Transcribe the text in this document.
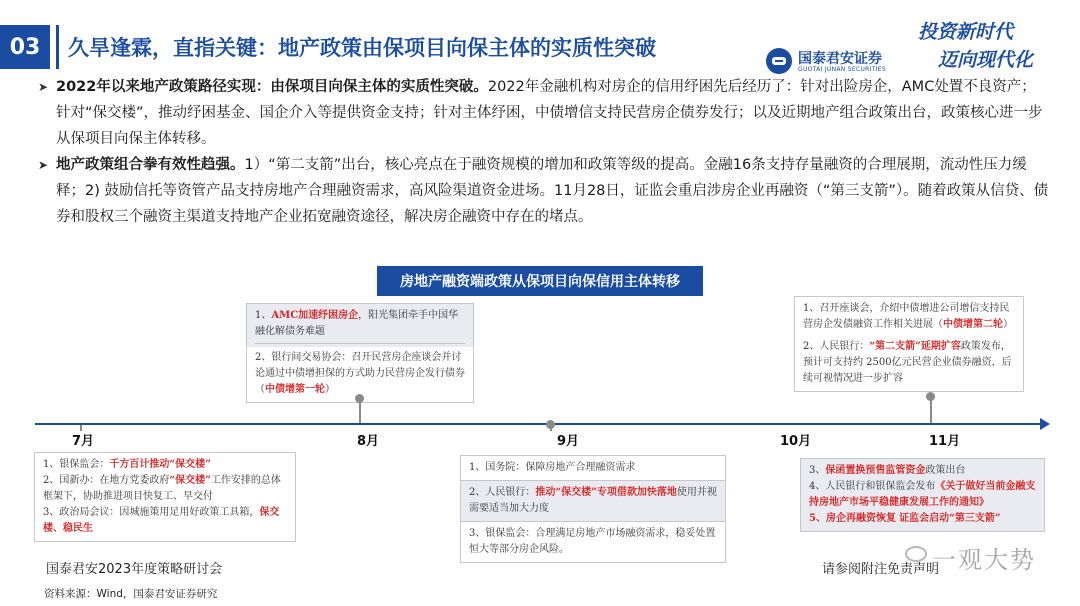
03	久旱逢霖，直指关键：地产政策由保项目向保主体的实质性突破	国泰君安证券
GUOTAI JUNAN SECURITIES
投资新时代
迈向现代化
➤ 2022年以来地产政策路径实现：由保项目向保主体的实质性突破。2022年金融机构对房企的信用纾困先后经历了：针对出险房企，AMC处置不良资产；针对“保交楼”，推动纾困基金、国企介入等提供资金支持；针对主体纾困，中债增信支持民营房企债券发行；以及近期地产组合政策出台，政策核心进一步从保项目向保主体转移。
➤ 地产政策组合拳有效性趋强。1）“第二支箭”出台，核心亮点在于融资规模的增加和政策等级的提高。金融16条支持存量融资的合理展期，流动性压力缓释；2) 鼓励信托等资管产品支持房地产合理融资需求，高风险渠道资金进场。11月28日，证监会重启涉房企业再融资（“第三支箭”）。随着政策从信贷、债券和股权三个融资主渠道支持地产企业拓宽融资途径，解决房企融资中存在的堵点。
房地产融资端政策从保项目向保信用主体转移
1、AMC加速纾困房企，阳光集团牵手中国华融化解债务难题
2、银行间交易协会：召开民营房企座谈会并讨论通过中债增担保的方式助力民营房企发行债券（中债增第一轮）
1、召开座谈会，介绍中债增进公司增信支持民营房企发债融资工作相关进展（中债增第二轮）
2、人民银行：“第二支箭”延期扩容政策发布，预计可支持约 2500亿元民营企业债券融资，后续可视情况进一步扩容
7月	8月	9月	10月	11月

1、银保监会：千方百计推动“保交楼”

2、国新办：在地方党委政府“保交楼”工作安排的总体框架下，协助推进项目快复工、早交付

3、政治局会议：因城施策用足用好政策工具箱，保交楼、稳民生

1、国务院：保障房地产合理融资需求
2、人民银行：推动“保交楼”专项借款加快落地使用并视需要适当加大力度
3、银保监会：合理满足房地产市场融资需求，稳妥处置恒大等部分房企风险。

3、保函置换预售监管资金政策出台

4、人民银行和银保监会发布《关于做好当前金融支持房地产市场平稳健康发展工作的通知》

5、房企再融资恢复 证监会启动“第三支箭”

国泰君安2023年度策略研讨会	请参阅附注免责声明
资料来源：Wind，国泰君安证券研究
一观大势
